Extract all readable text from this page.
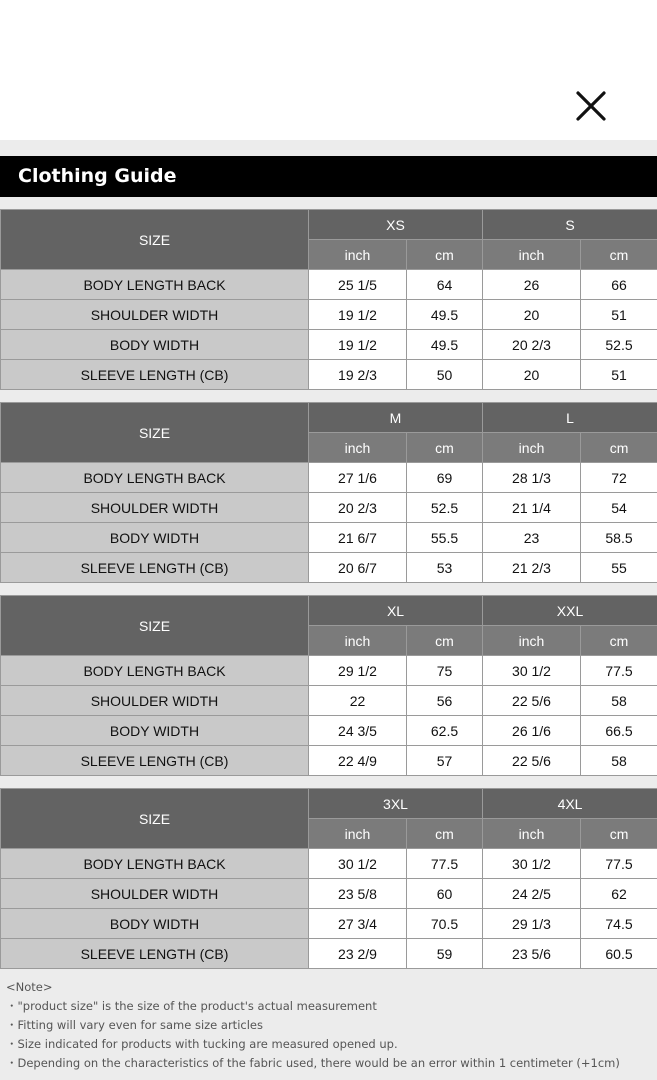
Clothing Guide
SIZE	XS		S	
	inch	cm	inch	cm
BODY LENGTH BACK	25 1/5	64	26	66
SHOULDER WIDTH	19 1/2	49.5	20	51
BODY WIDTH	19 1/2	49.5	20 2/3	52.5
SLEEVE LENGTH (CB)	19 2/3	50	20	51
SIZE	M		L	
	inch	cm	inch	cm
BODY LENGTH BACK	27 1/6	69	28 1/3	72
SHOULDER WIDTH	20 2/3	52.5	21 1/4	54
BODY WIDTH	21 6/7	55.5	23	58.5
SLEEVE LENGTH (CB)	20 6/7	53	21 2/3	55
SIZE	XL		XXL	
	inch	cm	inch	cm
BODY LENGTH BACK	29 1/2	75	30 1/2	77.5
SHOULDER WIDTH	22	56	22 5/6	58
BODY WIDTH	24 3/5	62.5	26 1/6	66.5
SLEEVE LENGTH (CB)	22 4/9	57	22 5/6	58
SIZE	3XL		4XL	
	inch	cm	inch	cm
BODY LENGTH BACK	30 1/2	77.5	30 1/2	77.5
SHOULDER WIDTH	23 5/8	60	24 2/5	62
BODY WIDTH	27 3/4	70.5	29 1/3	74.5
SLEEVE LENGTH (CB)	23 2/9	59	23 5/6	60.5
<Note>
・"product size" is the size of the product's actual measurement
・Fitting will vary even for same size articles
・Size indicated for products with tucking are measured opened up.
・Depending on the characteristics of the fabric used, there would be an error within 1 centimeter (+1cm)
